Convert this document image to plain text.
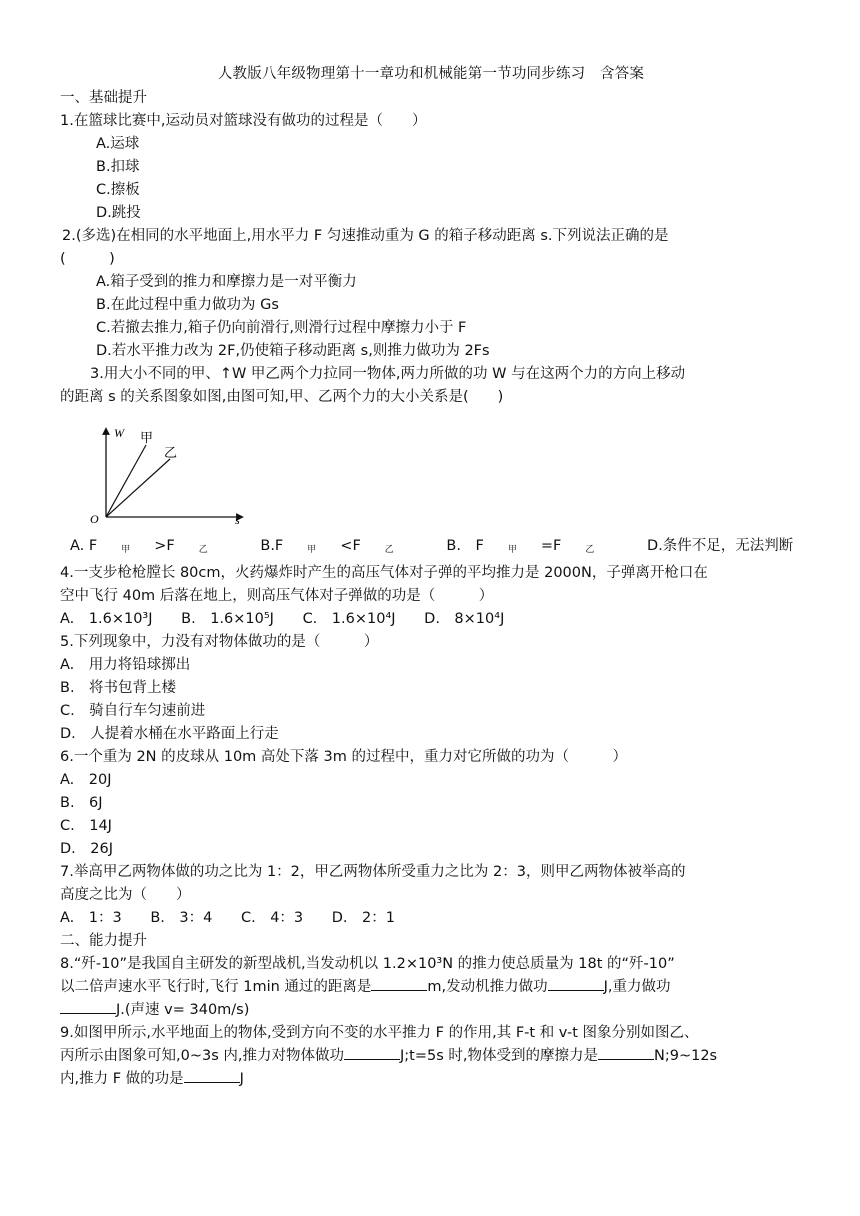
人教版八年级物理第十一章功和机械能第一节功同步练习　含答案
一、基础提升
1.在篮球比赛中,运动员对篮球没有做功的过程是（　　）
A.运球
B.扣球
C.擦板
D.跳投
2.(多选)在相同的水平地面上,用水平力 F 匀速推动重为 G 的箱子移动距离 s.下列说法正确的是
(　　　)
A.箱子受到的推力和摩擦力是一对平衡力
B.在此过程中重力做功为 Gs
C.若撤去推力,箱子仍向前滑行,则滑行过程中摩擦力小于 F
D.若水平推力改为 2F,仍使箱子移动距离 s,则推力做功为 2Fs
3.用大小不同的甲、↑W 甲乙两个力拉同一物体,两力所做的功 W 与在这两个力的方向上移动
的距离 s 的关系图象如图,由图可知,甲、乙两个力的大小关系是(　　)
W
s
O
甲
乙
A. F	甲 >F	乙	B.F	甲 <F	乙	B.　F	甲 =F	乙	D.条件不足，无法判断
4.一支步枪枪膛长 80cm，火药爆炸时产生的高压气体对子弹的平均推力是 2000N，子弹离开枪口在
空中飞行 40m 后落在地上，则高压气体对子弹做的功是（　　　）
A.　1.6×10³J B.　1.6×10⁵J C.　1.6×10⁴J D.　8×10⁴J
5.下列现象中，力没有对物体做功的是（　　　）
A.　用力将铅球掷出
B.　将书包背上楼
C.　骑自行车匀速前进
D.　人提着水桶在水平路面上行走
6.一个重为 2N 的皮球从 10m 高处下落 3m 的过程中，重力对它所做的功为（　　　）
A.　20J
B.　6J
C.　14J
D.　26J
7.举高甲乙两物体做的功之比为 1：2，甲乙两物体所受重力之比为 2：3，则甲乙两物体被举高的
高度之比为（　　）
A.　1：3 B.　3：4 C.　4：3 D.　2：1
二、能力提升
8.“歼-10”是我国自主研发的新型战机,当发动机以 1.2×10³N 的推力使总质量为 18t 的“歼-10”
以二倍声速水平飞行时,飞行 1min 通过的距离是	m,发动机推力做功	J,重力做功
J.(声速 v= 340m/s)
9.如图甲所示,水平地面上的物体,受到方向不变的水平推力 F 的作用,其 F-t 和 v-t 图象分别如图乙、
丙所示由图象可知,0~3s 内,推力对物体做功	J;t=5s 时,物体受到的摩擦力是	N;9~12s
内,推力 F 做的功是	J
